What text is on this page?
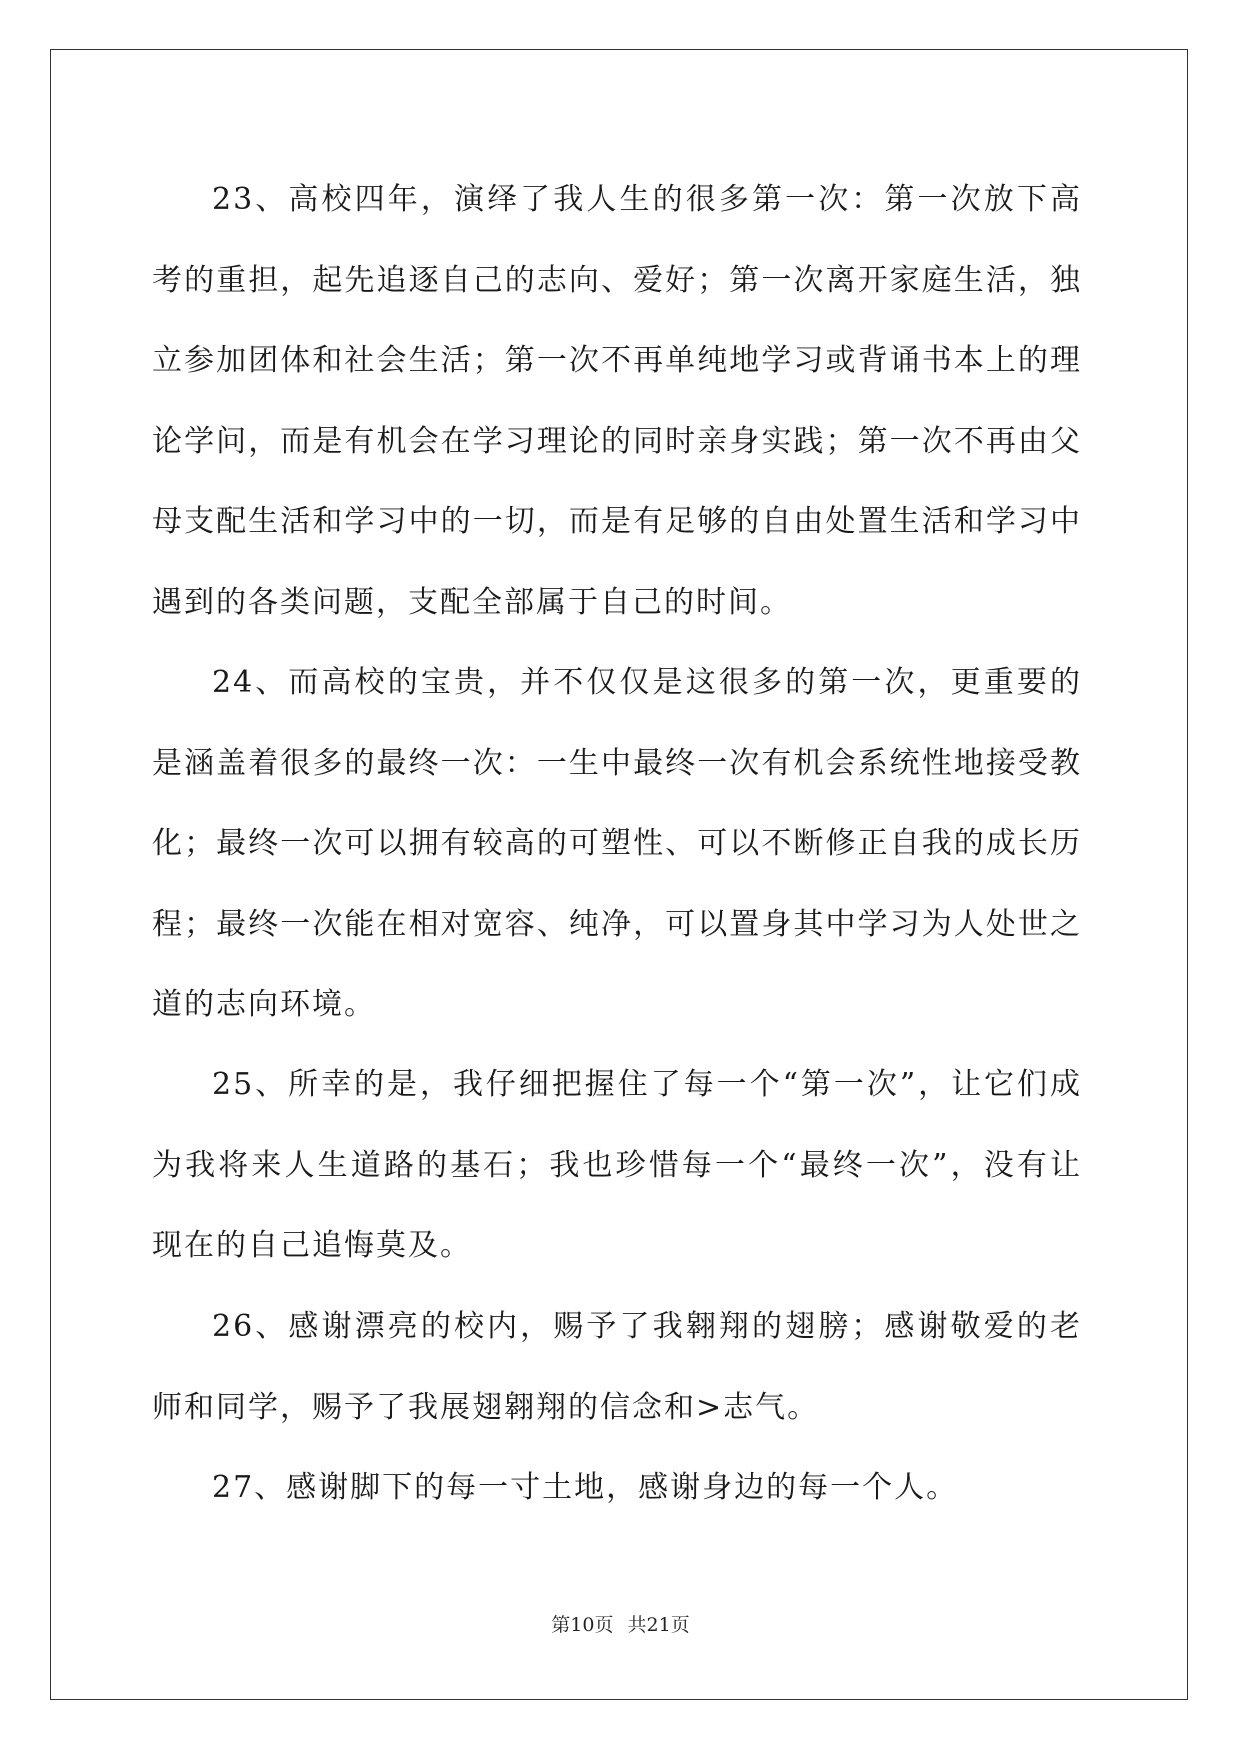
23、高校四年，演绎了我人生的很多第一次：第一次放下高考的重担，起先追逐自己的志向、爱好；第一次离开家庭生活，独立参加团体和社会生活；第一次不再单纯地学习或背诵书本上的理论学问，而是有机会在学习理论的同时亲身实践；第一次不再由父母支配生活和学习中的一切，而是有足够的自由处置生活和学习中遇到的各类问题，支配全部属于自己的时间。

24、而高校的宝贵，并不仅仅是这很多的第一次，更重要的是涵盖着很多的最终一次：一生中最终一次有机会系统性地接受教化；最终一次可以拥有较高的可塑性、可以不断修正自我的成长历程；最终一次能在相对宽容、纯净，可以置身其中学习为人处世之道的志向环境。

25、所幸的是，我仔细把握住了每一个“第一次”，让它们成为我将来人生道路的基石；我也珍惜每一个“最终一次”，没有让现在的自己追悔莫及。

26、感谢漂亮的校内，赐予了我翱翔的翅膀；感谢敬爱的老师和同学，赐予了我展翅翱翔的信念和>志气。

27、感谢脚下的每一寸土地，感谢身边的每一个人。

第10页 共21页
